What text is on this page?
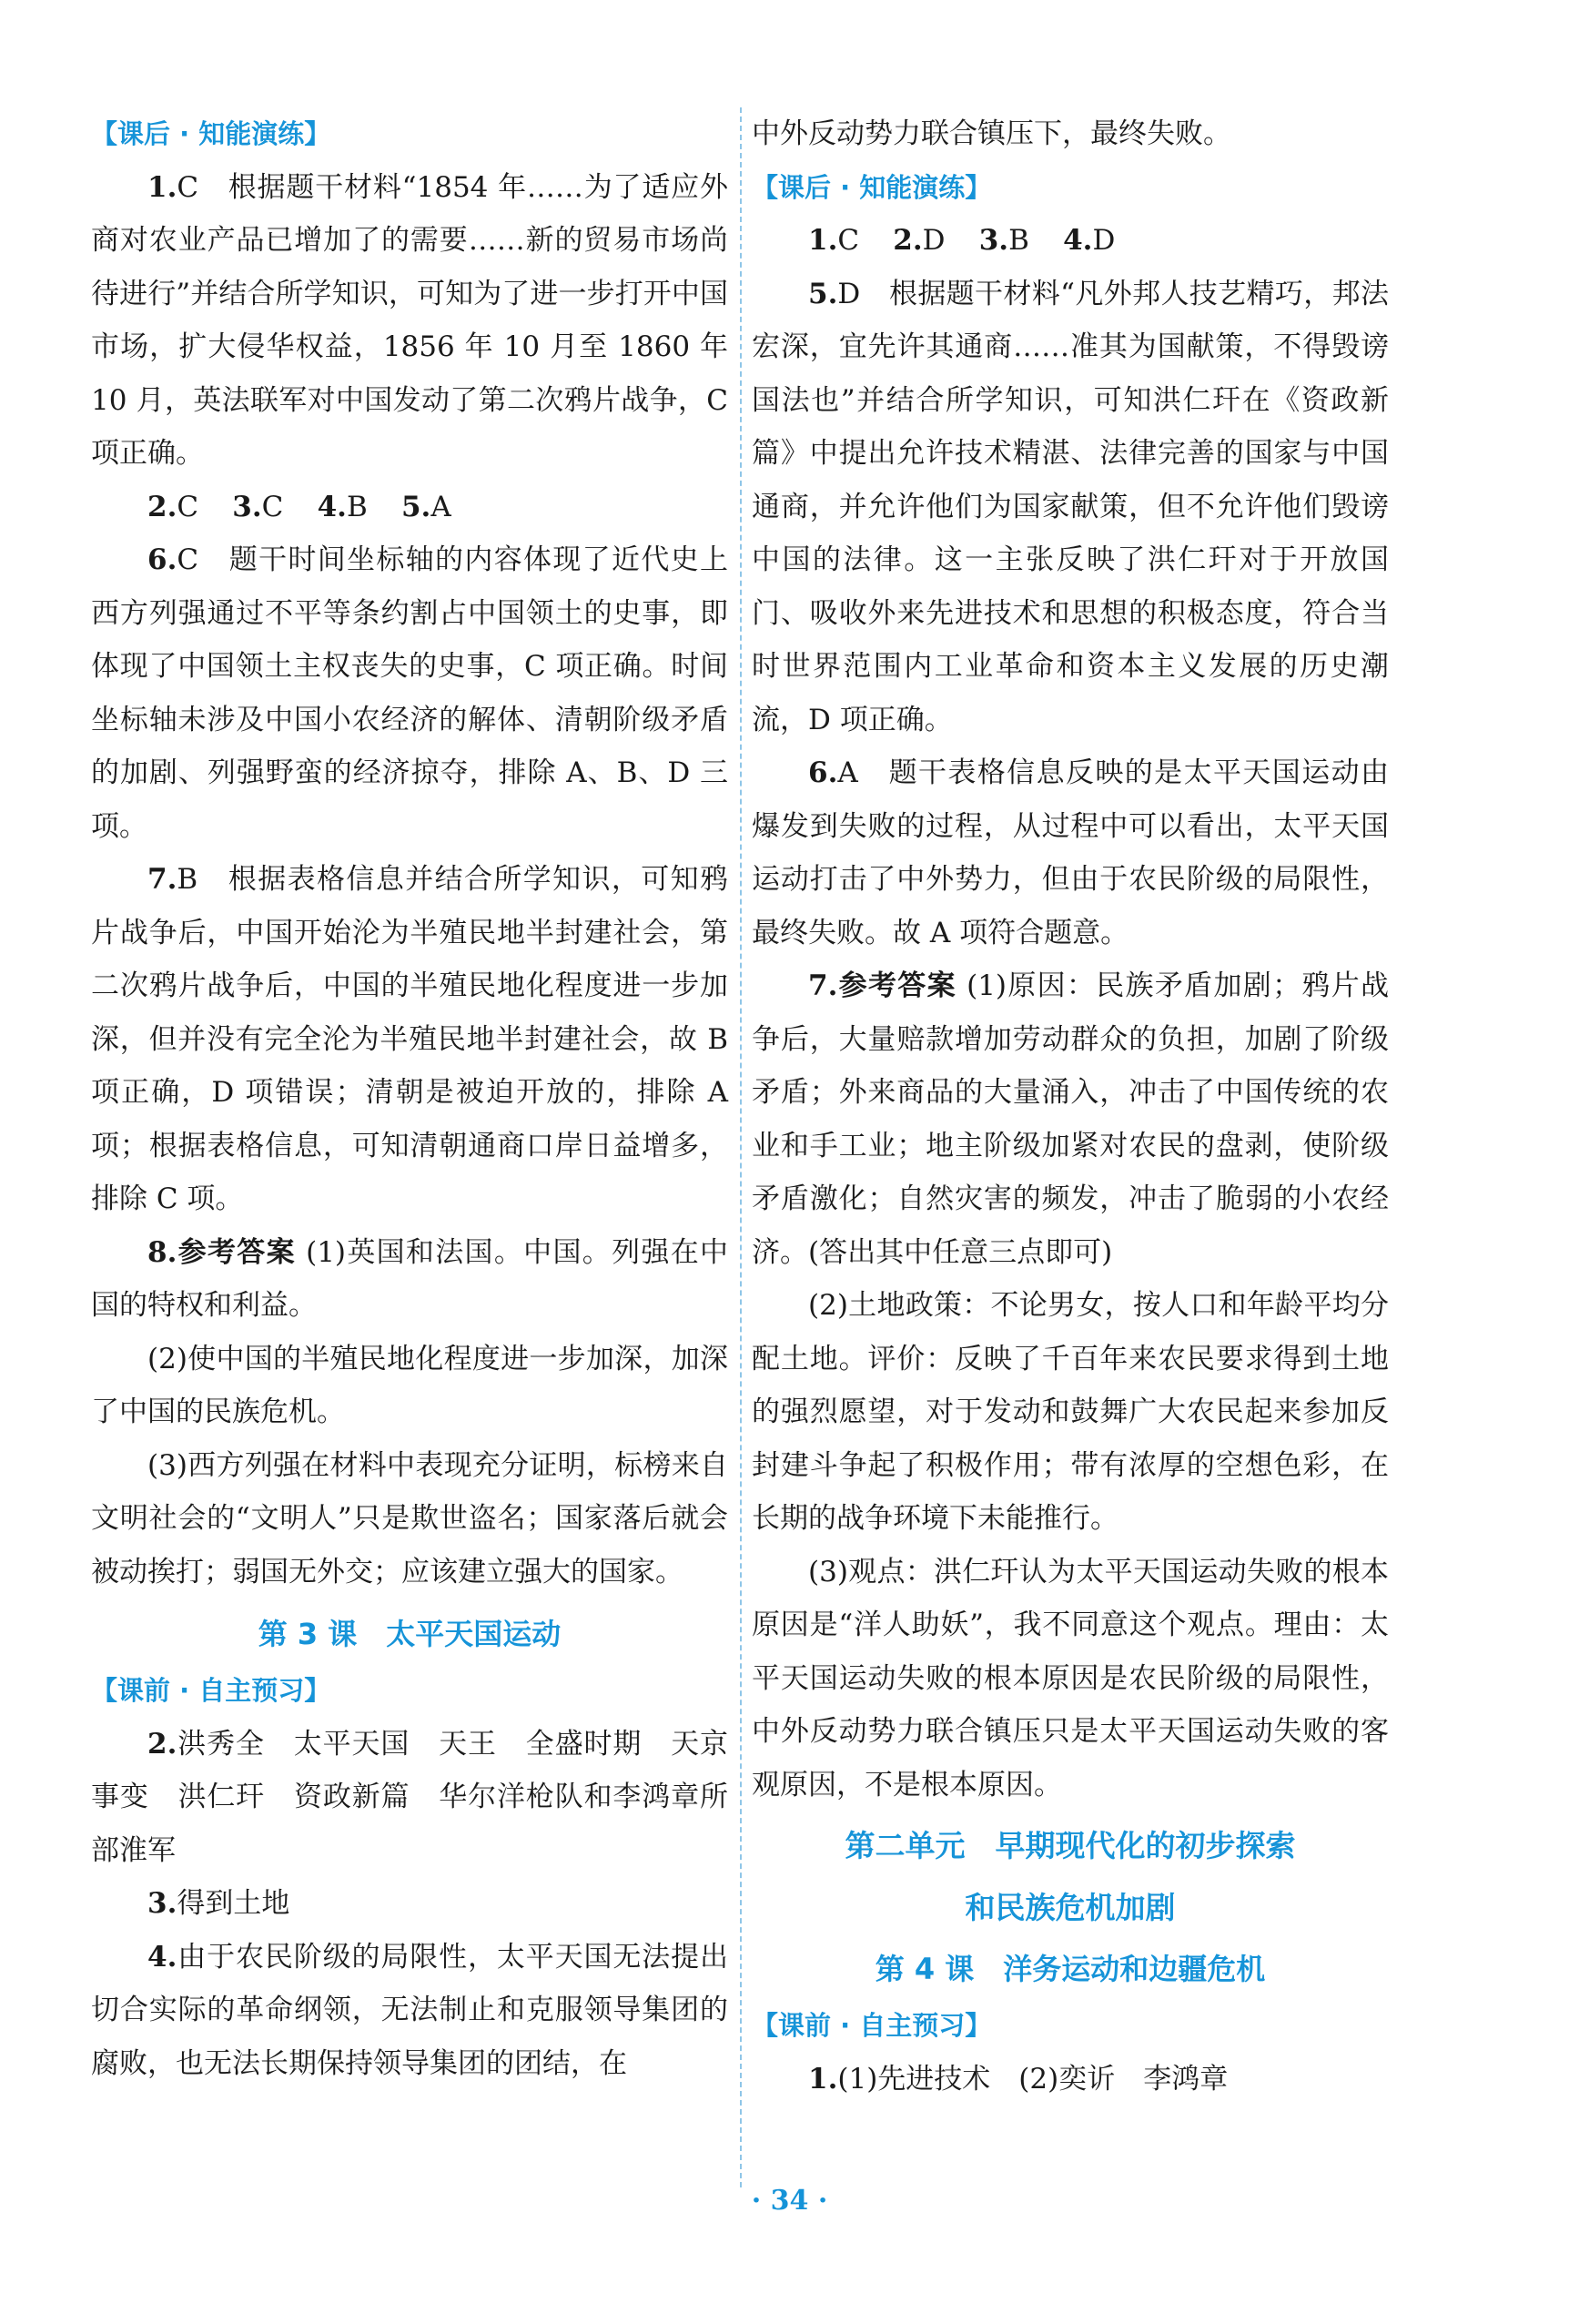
【课后 · 知能演练】

1.C　根据题干材料“1854 年……为了适应外商对农业产品已增加了的需要……新的贸易市场尚待进行”并结合所学知识，可知为了进一步打开中国市场，扩大侵华权益，1856 年 10 月至 1860 年 10 月，英法联军对中国发动了第二次鸦片战争，C 项正确。

2.C 3.C 4.B 5.A

6.C　题干时间坐标轴的内容体现了近代史上西方列强通过不平等条约割占中国领土的史事，即体现了中国领土主权丧失的史事，C 项正确。时间坐标轴未涉及中国小农经济的解体、清朝阶级矛盾的加剧、列强野蛮的经济掠夺，排除 A、B、D 三项。

7.B　根据表格信息并结合所学知识，可知鸦片战争后，中国开始沦为半殖民地半封建社会，第二次鸦片战争后，中国的半殖民地化程度进一步加深，但并没有完全沦为半殖民地半封建社会，故 B 项正确，D 项错误；清朝是被迫开放的，排除 A 项；根据表格信息，可知清朝通商口岸日益增多，排除 C 项。

8.参考答案 (1)英国和法国。中国。列强在中国的特权和利益。

(2)使中国的半殖民地化程度进一步加深，加深了中国的民族危机。

(3)西方列强在材料中表现充分证明，标榜来自文明社会的“文明人”只是欺世盗名；国家落后就会被动挨打；弱国无外交；应该建立强大的国家。

第 3 课　太平天国运动

【课前 · 自主预习】

2.洪秀全　太平天国　天王　全盛时期　天京事变　洪仁玕　资政新篇　华尔洋枪队和李鸿章所部淮军

3.得到土地

4.由于农民阶级的局限性，太平天国无法提出切合实际的革命纲领，无法制止和克服领导集团的腐败，也无法长期保持领导集团的团结，在

中外反动势力联合镇压下，最终失败。

【课后 · 知能演练】

1.C 2.D 3.B 4.D

5.D　根据题干材料“凡外邦人技艺精巧，邦法宏深，宜先许其通商……准其为国献策，不得毁谤国法也”并结合所学知识，可知洪仁玕在《资政新篇》中提出允许技术精湛、法律完善的国家与中国通商，并允许他们为国家献策，但不允许他们毁谤中国的法律。这一主张反映了洪仁玕对于开放国门、吸收外来先进技术和思想的积极态度，符合当时世界范围内工业革命和资本主义发展的历史潮流，D 项正确。

6.A　题干表格信息反映的是太平天国运动由爆发到失败的过程，从过程中可以看出，太平天国运动打击了中外势力，但由于农民阶级的局限性，最终失败。故 A 项符合题意。

7.参考答案 (1)原因：民族矛盾加剧；鸦片战争后，大量赔款增加劳动群众的负担，加剧了阶级矛盾；外来商品的大量涌入，冲击了中国传统的农业和手工业；地主阶级加紧对农民的盘剥，使阶级矛盾激化；自然灾害的频发，冲击了脆弱的小农经济。(答出其中任意三点即可)

(2)土地政策：不论男女，按人口和年龄平均分配土地。评价：反映了千百年来农民要求得到土地的强烈愿望，对于发动和鼓舞广大农民起来参加反封建斗争起了积极作用；带有浓厚的空想色彩，在长期的战争环境下未能推行。

(3)观点：洪仁玕认为太平天国运动失败的根本原因是“洋人助妖”，我不同意这个观点。理由：太平天国运动失败的根本原因是农民阶级的局限性，中外反动势力联合镇压只是太平天国运动失败的客观原因，不是根本原因。

第二单元　早期现代化的初步探索

和民族危机加剧

第 4 课　洋务运动和边疆危机

【课前 · 自主预习】

1.(1)先进技术　(2)奕䜣　李鸿章

· 34 ·
